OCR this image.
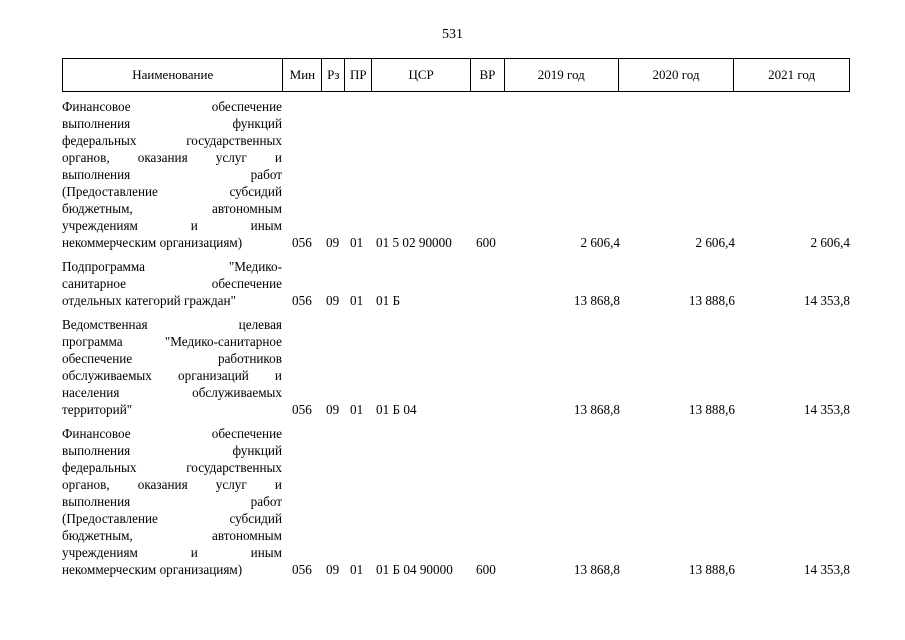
531
Наименование	Мин Рз ПР	ЦСР	ВР	2019 год	2020 год	2021 год
Финансовое обеспечение
выполнения функций
федеральных государственных
органов, оказания услуг и
выполнения работ
(Предоставление субсидий
бюджетным, автономным
учреждениям и иным
некоммерческим организациям)	056 09 01 01 5 02 90000 600	2 606,4	2 606,4	2 606,4
Подпрограмма "Медико-
санитарное обеспечение
отдельных категорий граждан"	056 09 01 01 Б	13 868,8	13 888,6	14 353,8
Ведомственная целевая
программа "Медико-санитарное
обеспечение работников
обслуживаемых организаций и
населения обслуживаемых
территорий"	056 09 01 01 Б 04	13 868,8	13 888,6	14 353,8
Финансовое обеспечение
выполнения функций
федеральных государственных
органов, оказания услуг и
выполнения работ
(Предоставление субсидий
бюджетным, автономным
учреждениям и иным
некоммерческим организациям)	056 09 01 01 Б 04 90000 600	13 868,8	13 888,6	14 353,8
